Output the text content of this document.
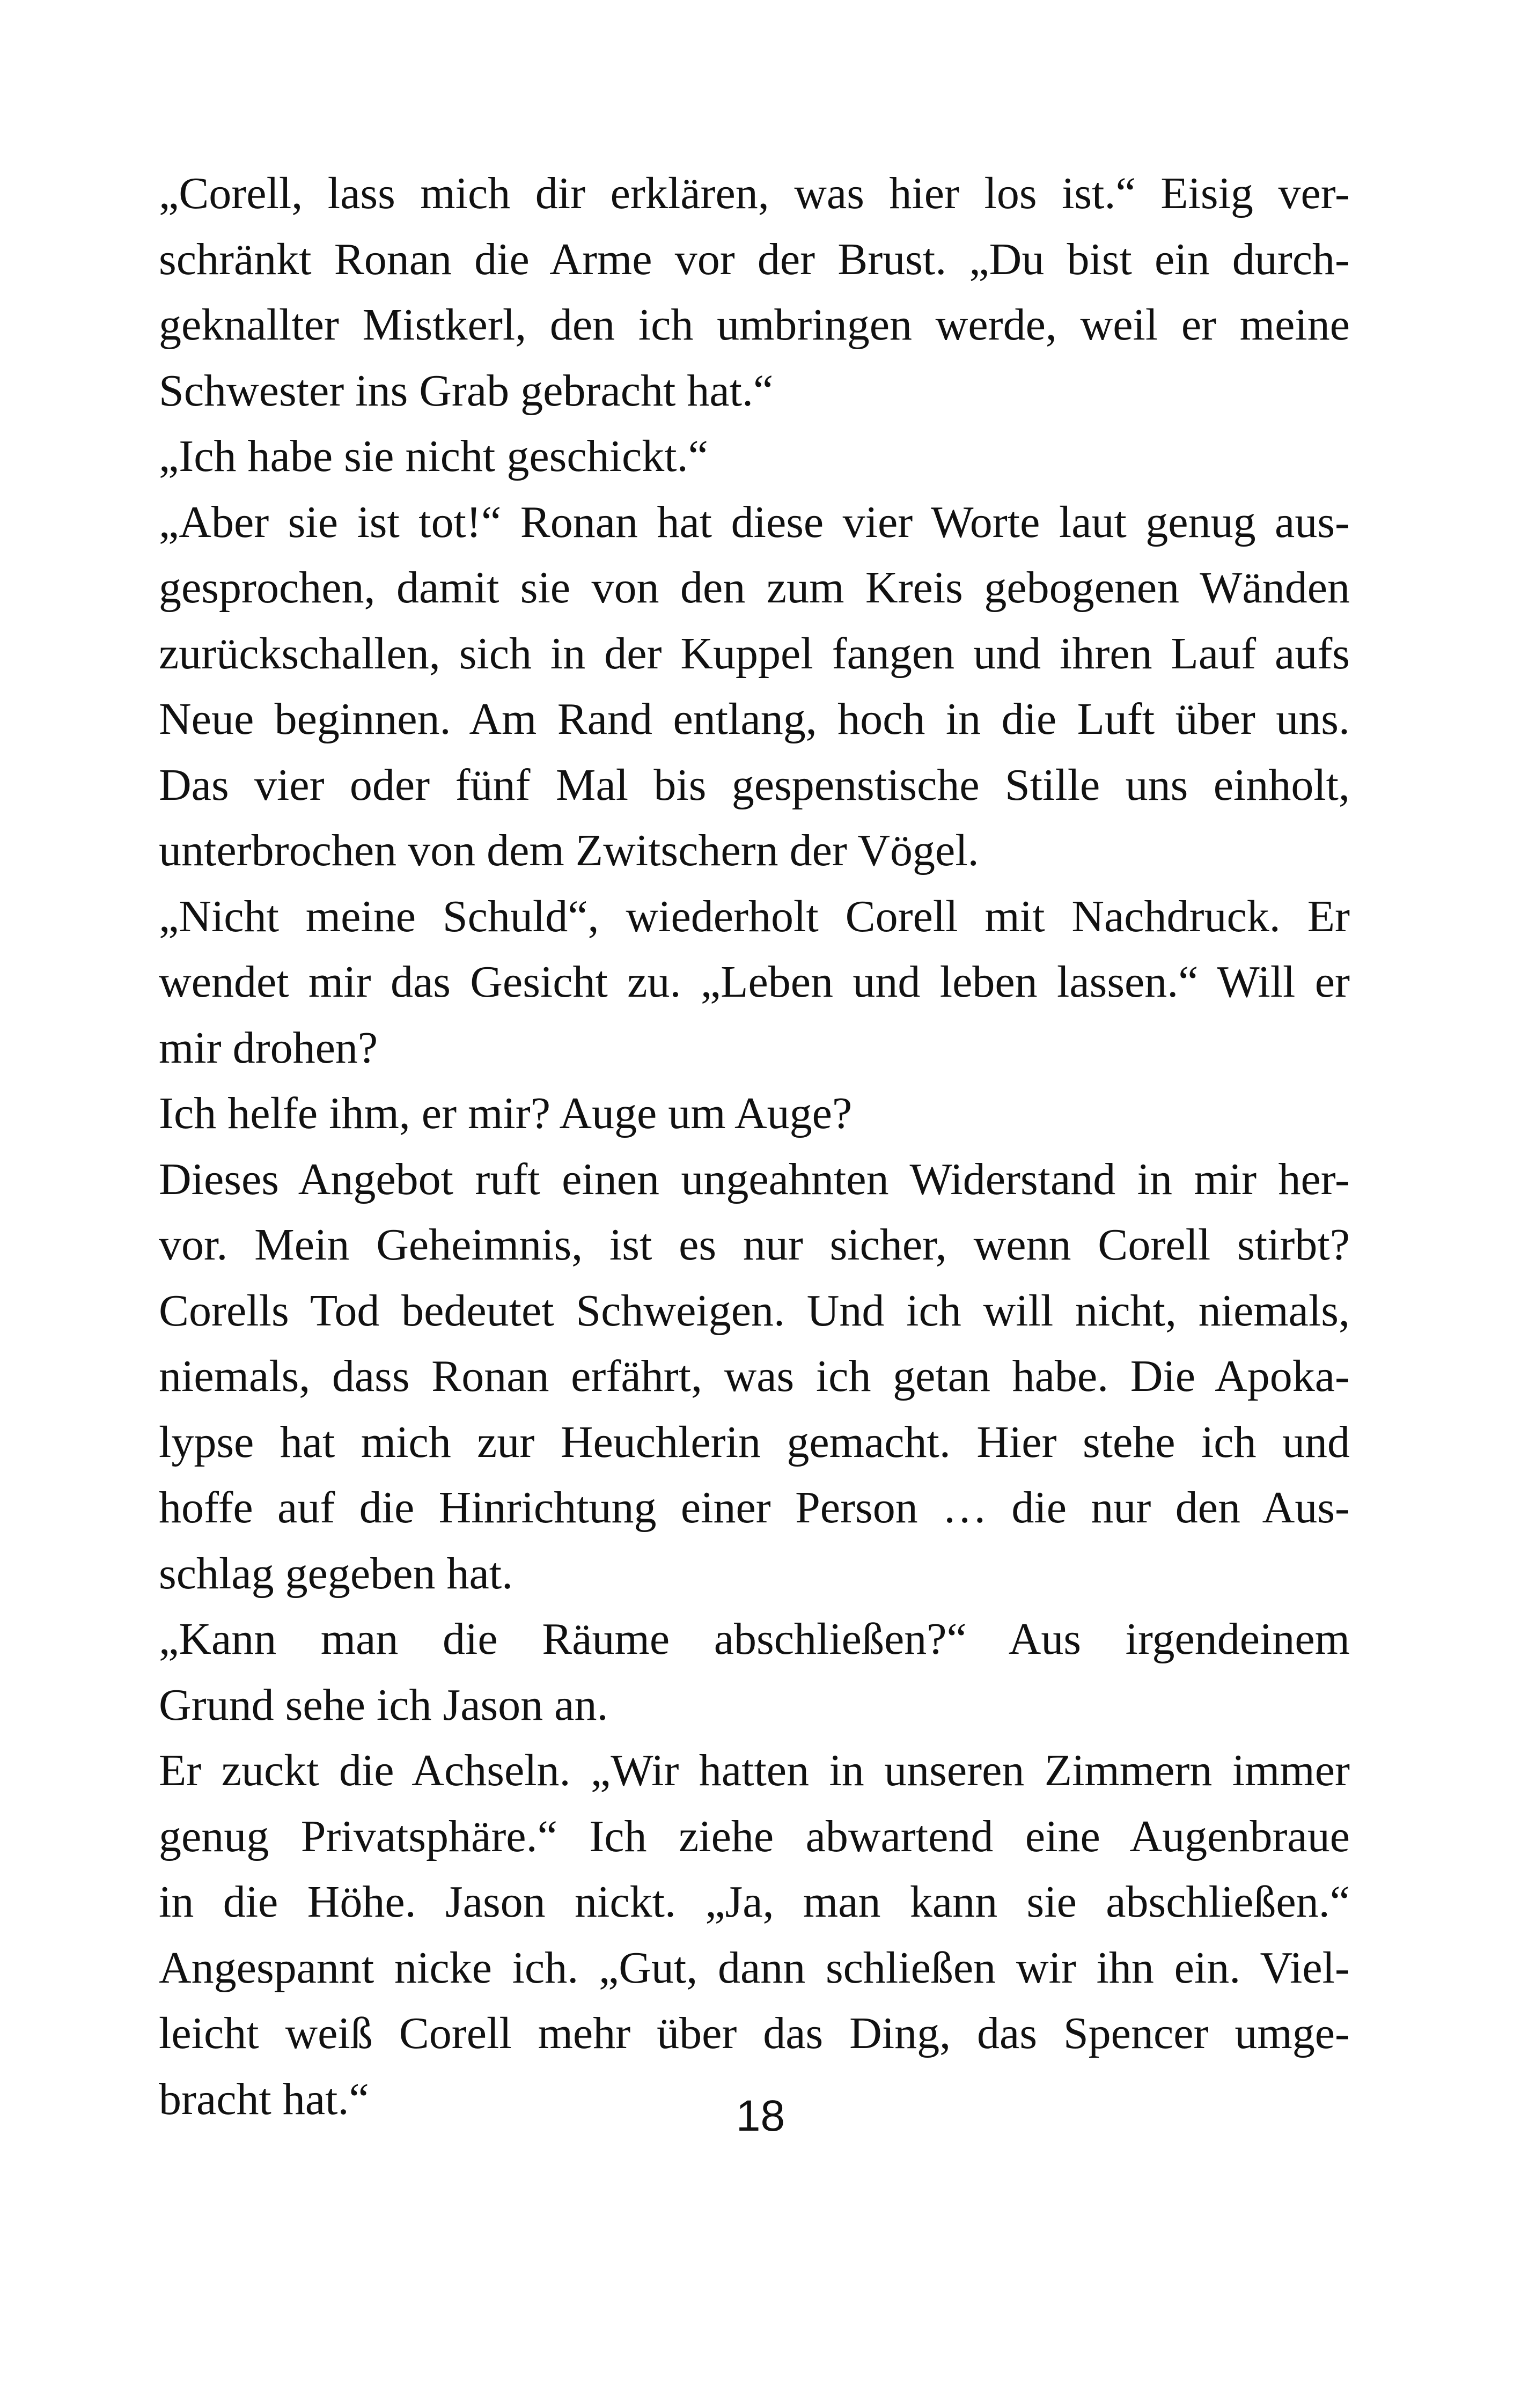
„Corell, lass mich dir erklären, was hier los ist.“ Eisig ver-
schränkt Ronan die Arme vor der Brust. „Du bist ein durch-
geknallter Mistkerl, den ich umbringen werde, weil er meine
Schwester ins Grab gebracht hat.“
„Ich habe sie nicht geschickt.“
„Aber sie ist tot!“ Ronan hat diese vier Worte laut genug aus-
gesprochen, damit sie von den zum Kreis gebogenen Wänden
zurückschallen, sich in der Kuppel fangen und ihren Lauf aufs
Neue beginnen. Am Rand entlang, hoch in die Luft über uns.
Das vier oder fünf Mal bis gespenstische Stille uns einholt,
unterbrochen von dem Zwitschern der Vögel.
„Nicht meine Schuld“, wiederholt Corell mit Nachdruck. Er
wendet mir das Gesicht zu. „Leben und leben lassen.“ Will er
mir drohen?
Ich helfe ihm, er mir? Auge um Auge?
Dieses Angebot ruft einen ungeahnten Widerstand in mir her-
vor. Mein Geheimnis, ist es nur sicher, wenn Corell stirbt?
Corells Tod bedeutet Schweigen. Und ich will nicht, niemals,
niemals, dass Ronan erfährt, was ich getan habe. Die Apoka-
lypse hat mich zur Heuchlerin gemacht. Hier stehe ich und
hoffe auf die Hinrichtung einer Person … die nur den Aus-
schlag gegeben hat.
„Kann man die Räume abschließen?“ Aus irgendeinem
Grund sehe ich Jason an.
Er zuckt die Achseln. „Wir hatten in unseren Zimmern immer
genug Privatsphäre.“ Ich ziehe abwartend eine Augenbraue
in die Höhe. Jason nickt. „Ja, man kann sie abschließen.“
Angespannt nicke ich. „Gut, dann schließen wir ihn ein. Viel-
leicht weiß Corell mehr über das Ding, das Spencer umge-
bracht hat.“	18
